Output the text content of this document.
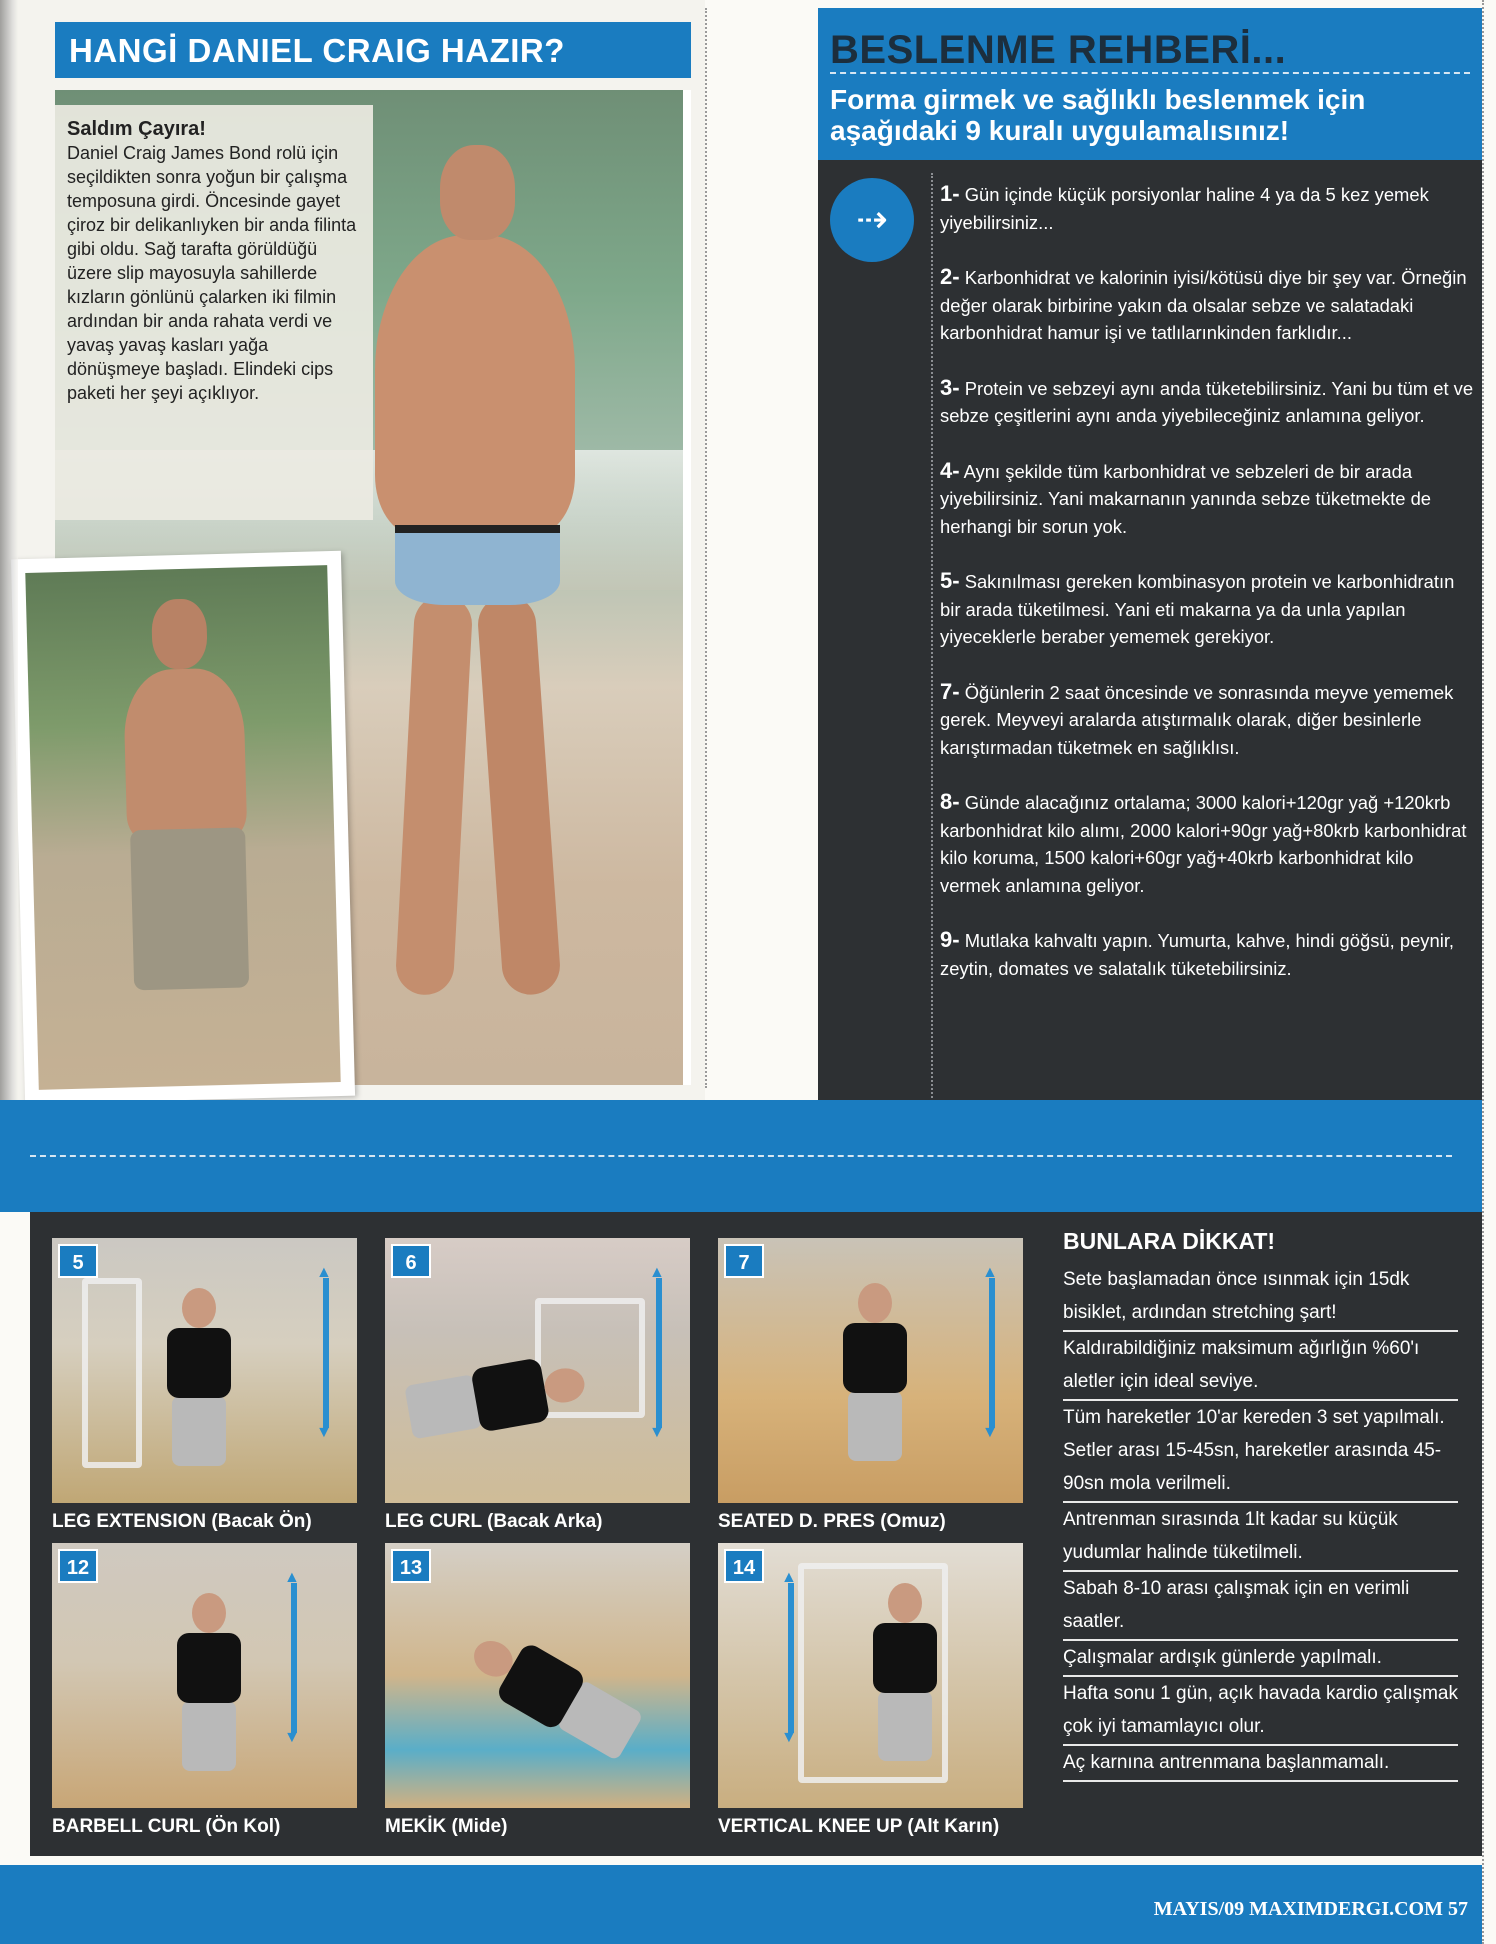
HANGİ DANIEL CRAIG HAZIR?
Saldım Çayıra!
Daniel Craig James Bond rolü için seçildikten sonra yoğun bir çalışma temposuna girdi. Öncesinde gayet çiroz bir delikanlıyken bir anda filinta gibi oldu. Sağ tarafta görüldüğü üzere slip mayosuyla sahillerde kızların gönlünü çalarken iki filmin ardından bir anda rahata verdi ve yavaş yavaş kasları yağa dönüşmeye başladı. Elindeki cips paketi her şeyi açıklıyor.
BESLENME REHBERİ...
Forma girmek ve sağlıklı beslenmek için aşağıdaki 9 kuralı uygulamalısınız!
⇢
1- Gün içinde küçük porsiyonlar haline 4 ya da 5 kez yemek yiyebilirsiniz...
2- Karbonhidrat ve kalorinin iyisi/kötüsü diye bir şey var. Örneğin değer olarak birbirine yakın da olsalar sebze ve salatadaki karbonhidrat hamur işi ve tatlılarınkinden farklıdır...
3- Protein ve sebzeyi aynı anda tüketebilirsiniz. Yani bu tüm et ve sebze çeşitlerini aynı anda yiyebileceğiniz anlamına geliyor.
4- Aynı şekilde tüm karbonhidrat ve sebzeleri de bir arada yiyebilirsiniz. Yani makarnanın yanında sebze tüketmekte de herhangi bir sorun yok.
5- Sakınılması gereken kombinasyon protein ve karbonhidratın bir arada tüketilmesi. Yani eti makarna ya da unla yapılan yiyeceklerle beraber yememek gerekiyor.
7- Öğünlerin 2 saat öncesinde ve sonrasında meyve yememek gerek. Meyveyi aralarda atıştırmalık olarak, diğer besinlerle karıştırmadan tüketmek en sağlıklısı.
8- Günde alacağınız ortalama; 3000 kalori+120gr yağ +120krb karbonhidrat kilo alımı, 2000 kalori+90gr yağ+80krb karbonhidrat kilo koruma, 1500 kalori+60gr yağ+40krb karbonhidrat kilo vermek anlamına geliyor.
9- Mutlaka kahvaltı yapın. Yumurta, kahve, hindi göğsü, peynir, zeytin, domates ve salatalık tüketebilirsiniz.
5
▲ ▼
LEG EXTENSION (Bacak Ön)
6
▲ ▼
LEG CURL (Bacak Arka)
7
▲ ▼
SEATED D. PRES (Omuz)
12
▲ ▼
BARBELL CURL (Ön Kol)
13
MEKİK (Mide)
14
▲ ▼
VERTICAL KNEE UP (Alt Karın)
BUNLARA DİKKAT!
Sete başlamadan önce ısınmak için 15dk bisiklet, ardından stretching şart!
Kaldırabildiğiniz maksimum ağırlığın %60'ı aletler için ideal seviye.
Tüm hareketler 10'ar kereden 3 set yapılmalı. Setler arası 15-45sn, hareketler arasında 45-90sn mola verilmeli.
Antrenman sırasında 1lt kadar su küçük yudumlar halinde tüketilmeli.
Sabah 8-10 arası çalışmak için en verimli saatler.
Çalışmalar ardışık günlerde yapılmalı.
Hafta sonu 1 gün, açık havada kardio çalışmak çok iyi tamamlayıcı olur.
Aç karnına antrenmana başlanmamalı.
MAYIS/09 MAXIMDERGI.COM 57
